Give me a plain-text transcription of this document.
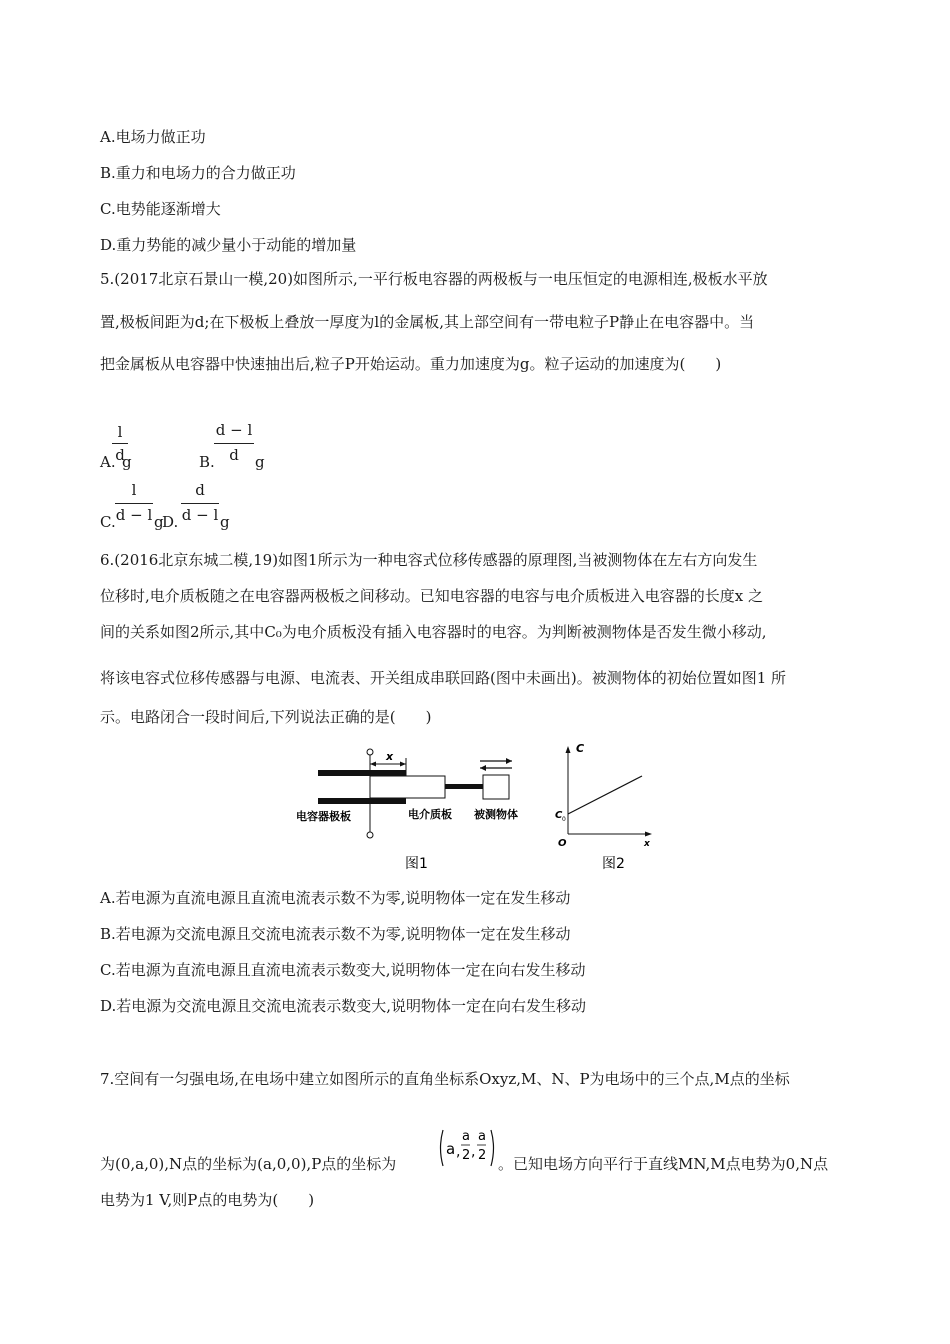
A.电场力做正功
B.重力和电场力的合力做正功
C.电势能逐渐增大
D.重力势能的减少量小于动能的增加量
5.(2017北京石景山一模,20)如图所示,一平行板电容器的两极板与一电压恒定的电源相连,极板水平放
置,极板间距为d;在下极板上叠放一厚度为l的金属板,其上部空间有一带电粒子P静止在电容器中。当
把金属板从电容器中快速抽出后,粒子P开始运动。重力加速度为g。粒子运动的加速度为(　　)
A.
l
d
g	B.
d − l
d	g
C.
l
d − l g
D.
d
d − l g
6.(2016北京东城二模,19)如图1所示为一种电容式位移传感器的原理图,当被测物体在左右方向发生
位移时,电介质板随之在电容器两极板之间移动。已知电容器的电容与电介质板进入电容器的长度x 之
间的关系如图2所示,其中C₀为电介质板没有插入电容器时的电容。为判断被测物体是否发生微小移动,
将该电容式位移传感器与电源、电流表、开关组成串联回路(图中未画出)。被测物体的初始位置如图1 所
示。电路闭合一段时间后,下列说法正确的是(　　)
x
电容器极板	电介质板 被测物体
图1
C
x
O
C 0
图2
A.若电源为直流电源且直流电流表示数不为零,说明物体一定在发生移动
B.若电源为交流电源且交流电流表示数不为零,说明物体一定在发生移动
C.若电源为直流电源且直流电流表示数变大,说明物体一定在向右发生移动
D.若电源为交流电源且交流电流表示数变大,说明物体一定在向右发生移动
7.空间有一匀强电场,在电场中建立如图所示的直角坐标系Oxyz,M、N、P为电场中的三个点,M点的坐标
为(0,a,0),N点的坐标为(a,0,0),P点的坐标为
a ,
a
2 ,
a
2 。已知电场方向平行于直线MN,M点电势为0,N点
电势为1 V,则P点的电势为(　　)
